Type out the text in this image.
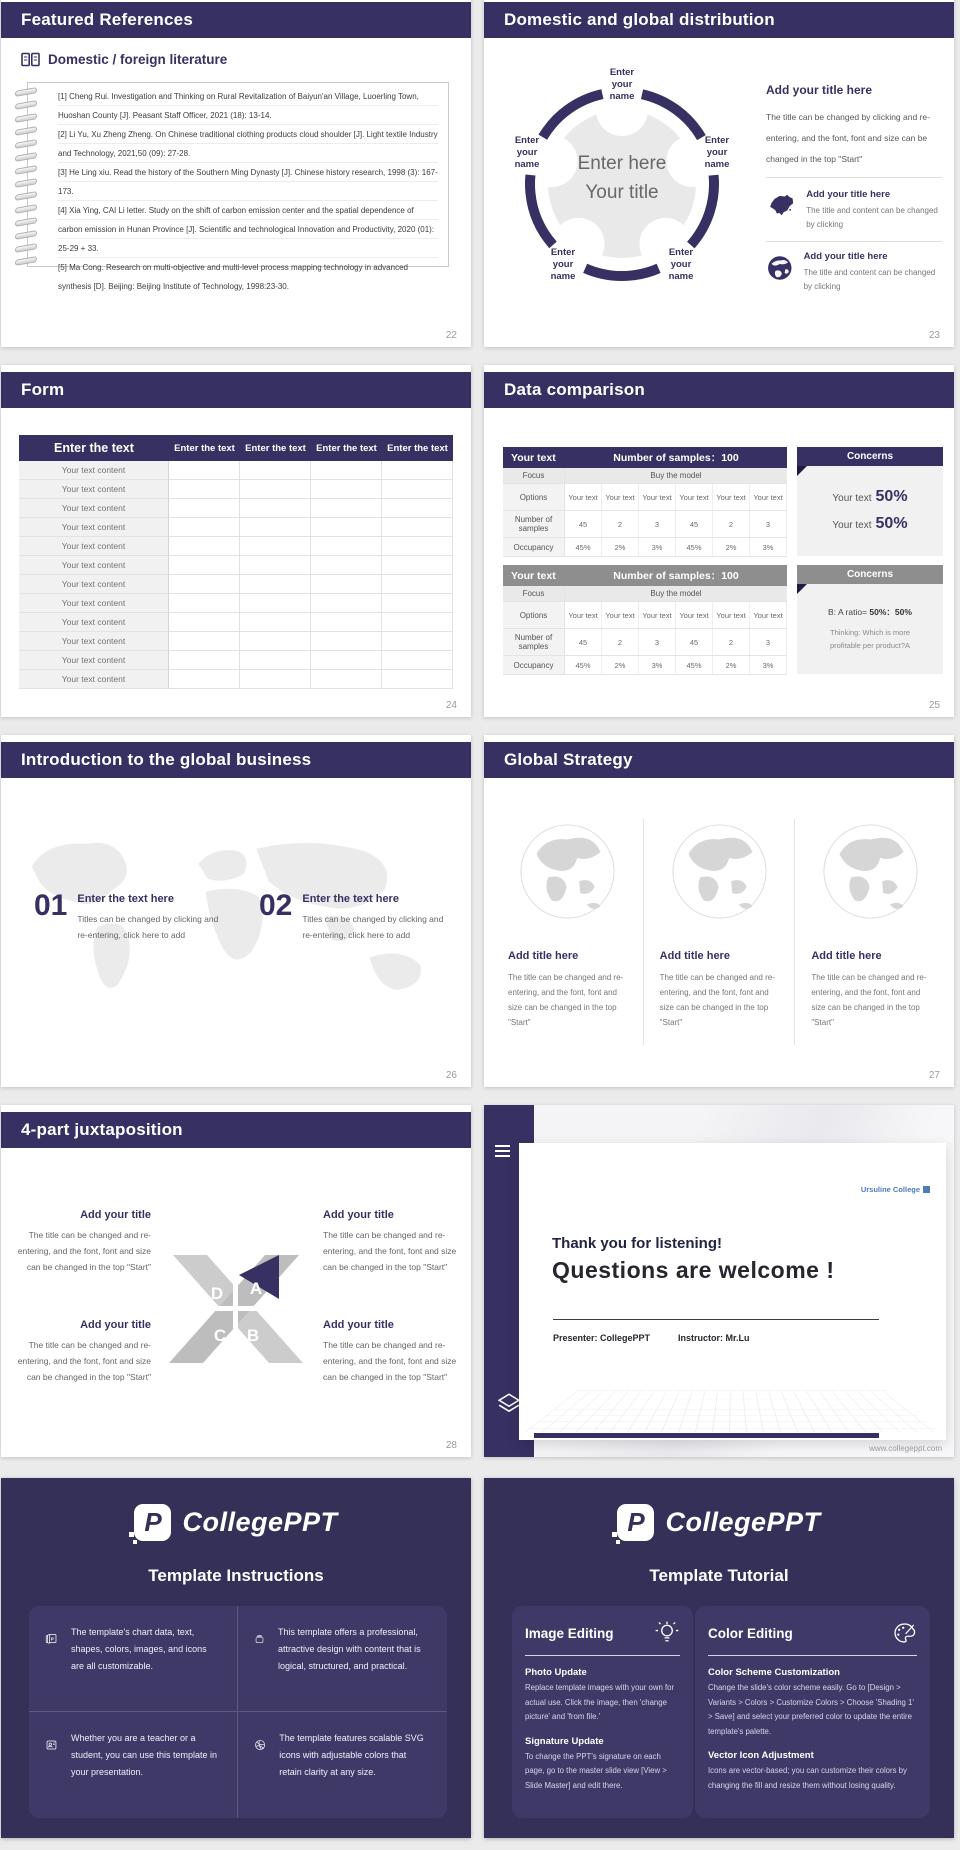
Featured References
Domestic / foreign literature
[1] Cheng Rui. Investigation and Thinking on Rural Revitalization of Baiyun'an Village, Luoerling Town, Huoshan County [J]. Peasant Staff Officer, 2021 (18): 13-14.
[2] Li Yu, Xu Zheng Zheng. On Chinese traditional clothing products cloud shoulder [J]. Light textile Industry and Technology, 2021,50 (09): 27-28.
[3] He Ling xiu. Read the history of the Southern Ming Dynasty [J]. Chinese history research, 1998 (3): 167-173.
[4] Xia Ying, CAI Li letter. Study on the shift of carbon emission center and the spatial dependence of carbon emission in Hunan Province [J]. Scientific and technological Innovation and Productivity, 2020 (01): 25-29 + 33.
[5] Ma Cong. Research on multi-objective and multi-level process mapping technology in advanced synthesis [D]. Beijing: Beijing Institute of Technology, 1998:23-30.
22
Domestic and global distribution
Enter here
Your title
Enter your name
Enter your name
Enter your name
Enter your name
Enter your name
Add your title here
The title can be changed by clicking and re-entering, and the font, font and size can be changed in the top "Start"
Add your title here

The title and content can be changed by clicking

Add your title here

The title and content can be changed by clicking

23
Form
Enter the text	Enter the text	Enter the text	Enter the text	Enter the text
Your text content
Your text content
Your text content
Your text content
Your text content
Your text content
Your text content
Your text content
Your text content
Your text content
Your text content
Your text content
24
Data comparison
Your text	Number of samples：100
Focus	Buy the model
Options	Your text	Your text	Your text	Your text	Your text	Your text
Number of samples	45	2	3	45	2	3
Occupancy	45%	2%	3%	45%	2%	3%
Your text	Number of samples：100
Focus	Buy the model
Options	Your text	Your text	Your text	Your text	Your text	Your text
Number of samples	45	2	3	45	2	3
Occupancy	45%	2%	3%	45%	2%	3%
Concerns
Your text 50%
Your text 50%
Concerns
B: A ratio= 50%：50%
Thinking: Which is more profitable per product?A
25
Introduction to the global business
01 Enter the text here

Titles can be changed by clicking and re-entering, click here to add

02 Enter the text here

Titles can be changed by clicking and re-entering, click here to add

26
Global Strategy
Add title here

The title can be changed and re-entering, and the font, font and size can be changed in the top "Start"

Add title here

The title can be changed and re-entering, and the font, font and size can be changed in the top "Start"

Add title here

The title can be changed and re-entering, and the font, font and size can be changed in the top "Start"

27
4-part juxtaposition
D A
C B
Add your title

The title can be changed and re-entering, and the font, font and size can be changed in the top "Start"

Add your title

The title can be changed and re-entering, and the font, font and size can be changed in the top "Start"

Add your title

The title can be changed and re-entering, and the font, font and size can be changed in the top "Start"

Add your title

The title can be changed and re-entering, and the font, font and size can be changed in the top "Start"

28
Ursuline College
Thank you for listening!
Questions are welcome !
Presenter: CollegePPT	Instructor: Mr.Lu
www.collegeppt.com
P CollegePPT
Template Instructions
P

The template's chart data, text, shapes, colors, images, and icons are all customizable.

This template offers a professional, attractive design with content that is logical, structured, and practical.

Whether you are a teacher or a student, you can use this template in your presentation.

The template features scalable SVG icons with adjustable colors that retain clarity at any size.

P CollegePPT
Template Tutorial
Image Editing
Photo Update

Replace template images with your own for actual use. Click the image, then 'change picture' and 'from file.'

Signature Update

To change the PPT's signature on each page, go to the master slide view [View > Slide Master] and edit there.

Color Editing
Color Scheme Customization

Change the slide's color scheme easily. Go to [Design > Variants > Colors > Customize Colors > Choose 'Shading 1' > Save] and select your preferred color to update the entire template's palette.

Vector Icon Adjustment

Icons are vector-based; you can customize their colors by changing the fill and resize them without losing quality.
